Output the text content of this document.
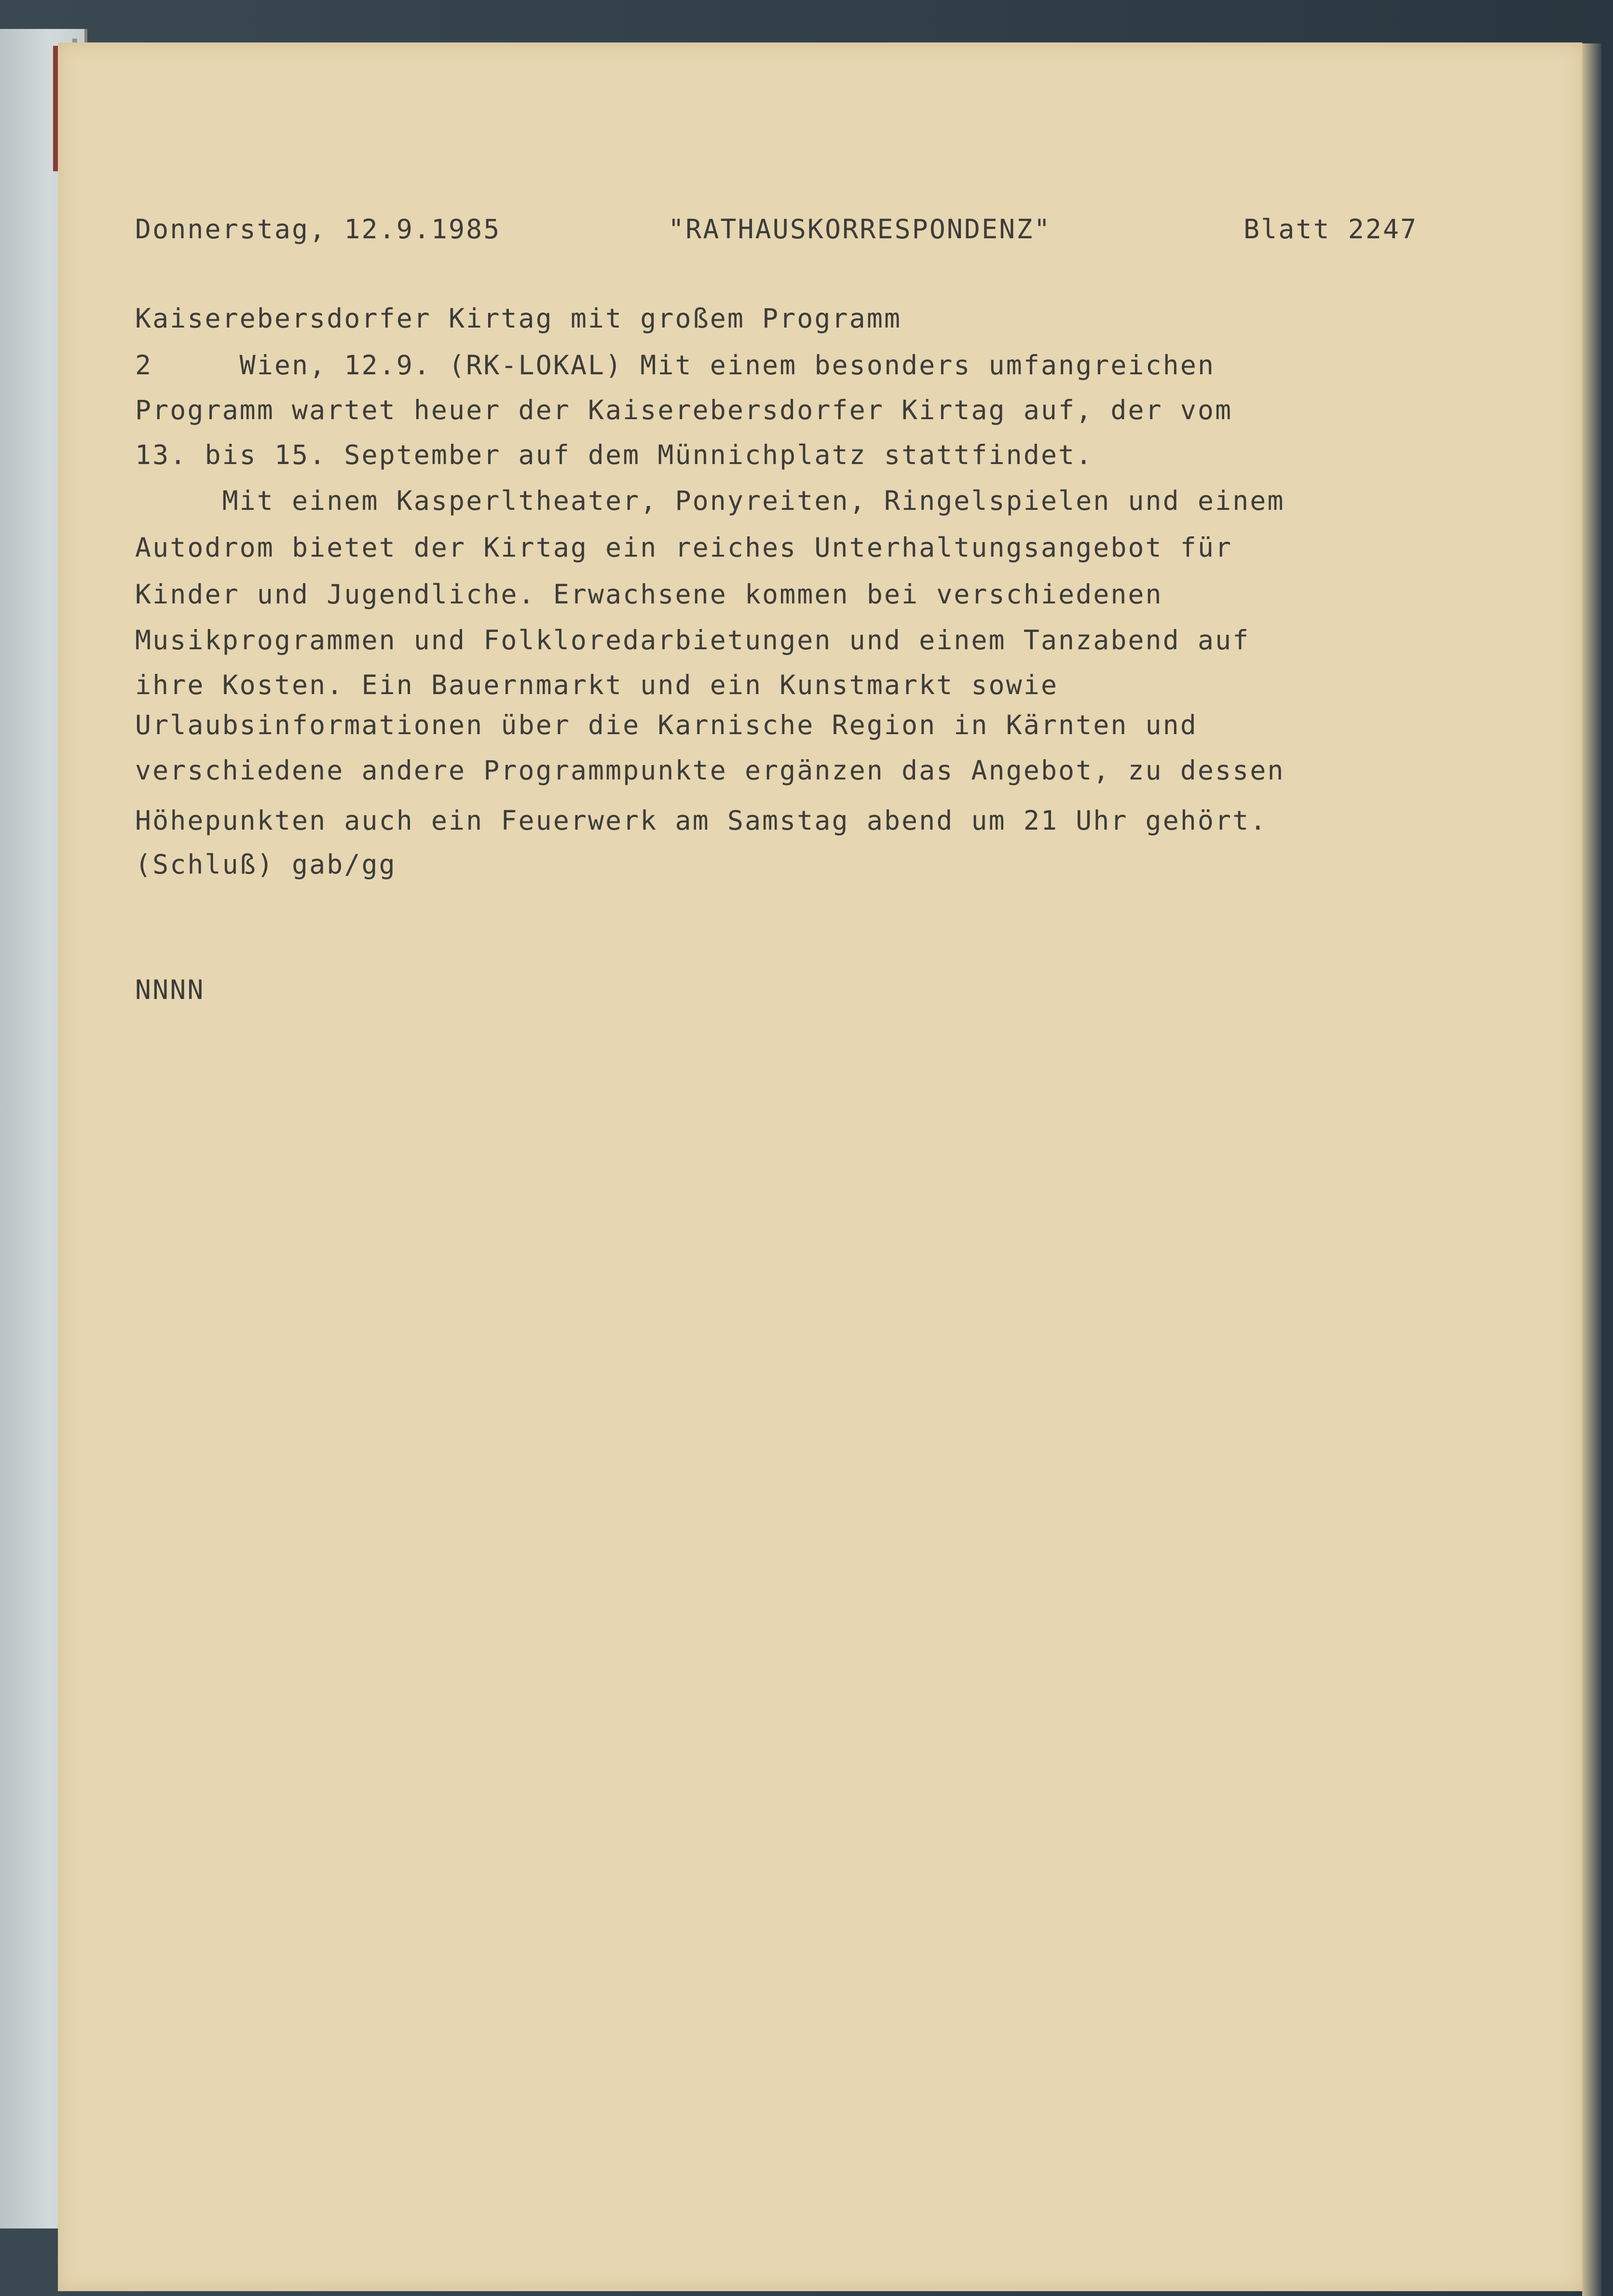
Donnerstag, 12.9.1985	"RATHAUSKORRESPONDENZ"	Blatt 2247
Kaiserebersdorfer Kirtag mit großem Programm
2     Wien, 12.9. (RK-LOKAL) Mit einem besonders umfangreichen
Programm wartet heuer der Kaiserebersdorfer Kirtag auf, der vom
13. bis 15. September auf dem Münnichplatz stattfindet.
Mit einem Kasperltheater, Ponyreiten, Ringelspielen und einem
Autodrom bietet der Kirtag ein reiches Unterhaltungsangebot für
Kinder und Jugendliche. Erwachsene kommen bei verschiedenen
Musikprogrammen und Folkloredarbietungen und einem Tanzabend auf
ihre Kosten. Ein Bauernmarkt und ein Kunstmarkt sowie
Urlaubsinformationen über die Karnische Region in Kärnten und
verschiedene andere Programmpunkte ergänzen das Angebot, zu dessen
Höhepunkten auch ein Feuerwerk am Samstag abend um 21 Uhr gehört.
(Schluß) gab/gg
NNNN
